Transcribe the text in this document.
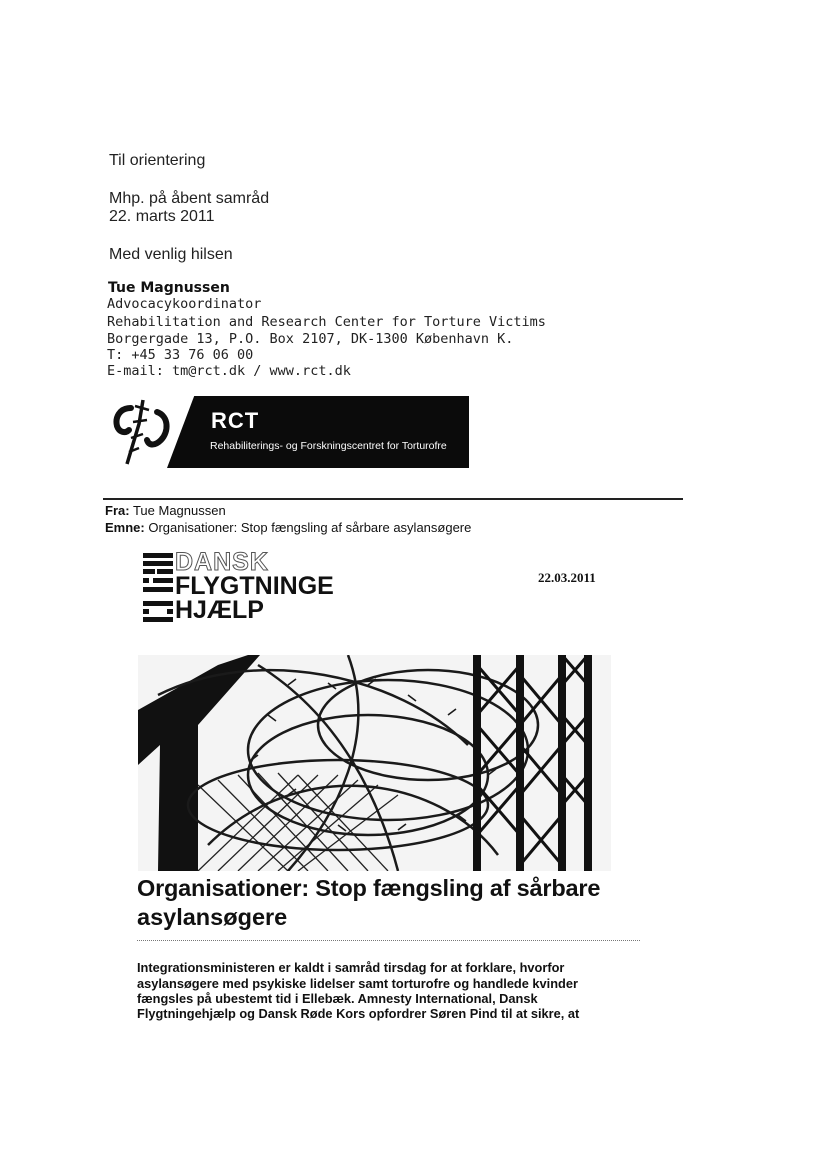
Til orientering
Mhp. på åbent samråd
22. marts 2011
Med venlig hilsen
Tue Magnussen
Advocacykoordinator
Rehabilitation and Research Center for Torture Victims
Borgergade 13, P.O. Box 2107, DK-1300 København K.
T: +45 33 76 06 00
E-mail: tm@rct.dk / www.rct.dk
RCT
Rehabiliterings- og Forskningscentret for Torturofre
Fra: Tue Magnussen
Emne: Organisationer: Stop fængsling af sårbare asylansøgere
DANSK
FLYGTNINGE
HJÆLP
22.03.2011
Organisationer: Stop fængsling af sårbare
asylansøgere
Integrationsministeren er kaldt i samråd tirsdag for at forklare, hvorfor
asylansøgere med psykiske lidelser samt torturofre og handlede kvinder
fængsles på ubestemt tid i Ellebæk. Amnesty International, Dansk
Flygtningehjælp og Dansk Røde Kors opfordrer Søren Pind til at sikre, at
